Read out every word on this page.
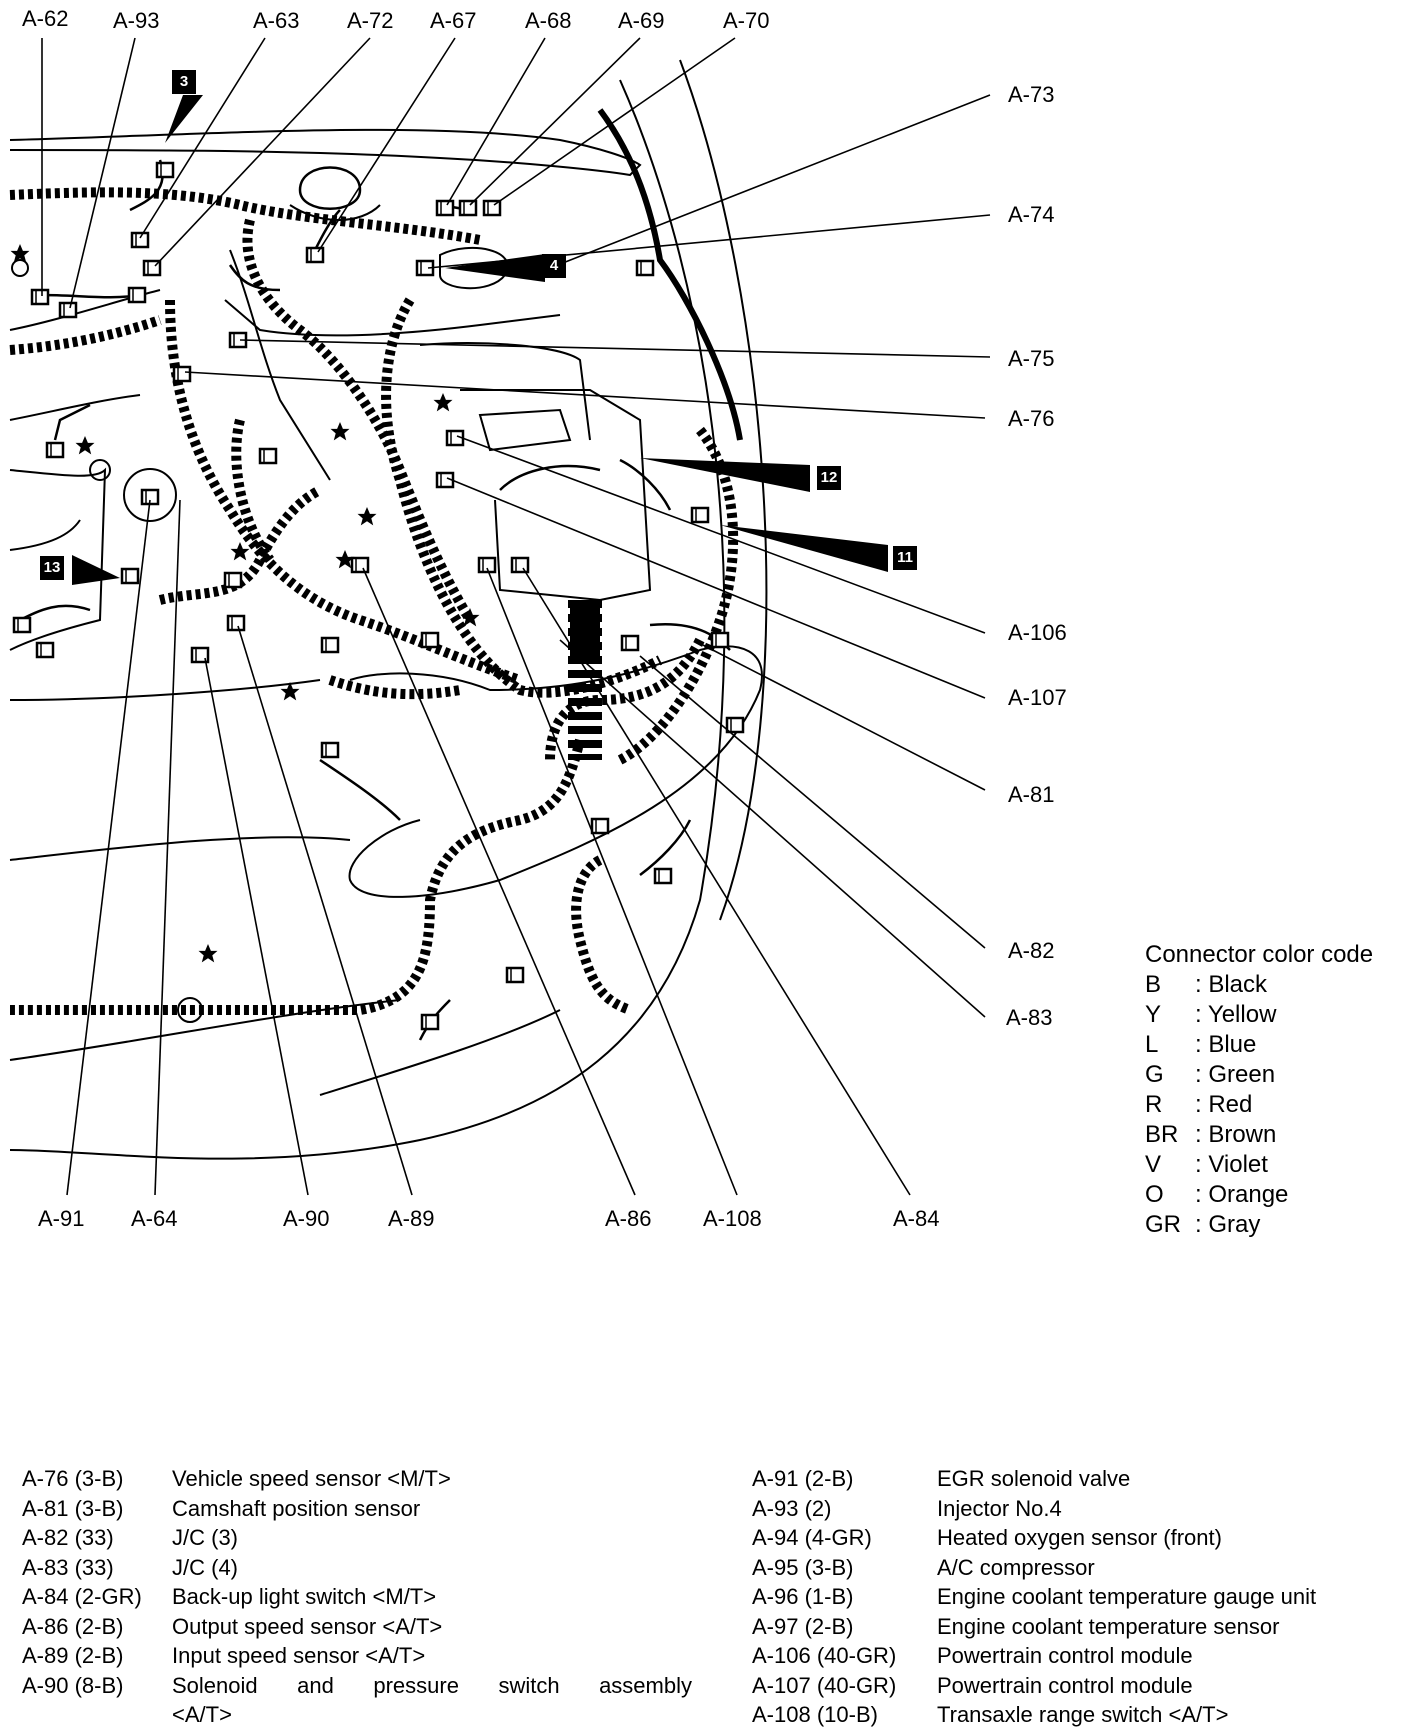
3
4
12
11
13
A-62 A-93	A-63 A-72 A-67 A-68 A-69	A-70
A-73
A-74
A-75
A-76
A-106
A-107
A-81
A-82
A-83
A-91 A-64	A-90	A-89	A-86 A-108	A-84
Connector color code
B	: Black
Y	: Yellow
L	: Blue
G	: Green
R	: Red
BR : Brown
V	: Violet
O	: Orange
GR : Gray
A-76 (3-B)	Vehicle speed sensor <M/T>
A-81 (3-B)	Camshaft position sensor
A-82 (33)	J/C (3)
A-83 (33)	J/C (4)
A-84 (2-GR)	Back-up light switch <M/T>
A-86 (2-B)	Output speed sensor <A/T>
A-89 (2-B)	Input speed sensor <A/T>
A-90 (8-B)	Solenoid and pressure switch assembly
<A/T>
A-91 (2-B)	EGR solenoid valve
A-93 (2)	Injector No.4
A-94 (4-GR)	Heated oxygen sensor (front)
A-95 (3-B)	A/C compressor
A-96 (1-B)	Engine coolant temperature gauge unit
A-97 (2-B)	Engine coolant temperature sensor
A-106 (40-GR)	Powertrain control module
A-107 (40-GR)	Powertrain control module
A-108 (10-B)	Transaxle range switch <A/T>
